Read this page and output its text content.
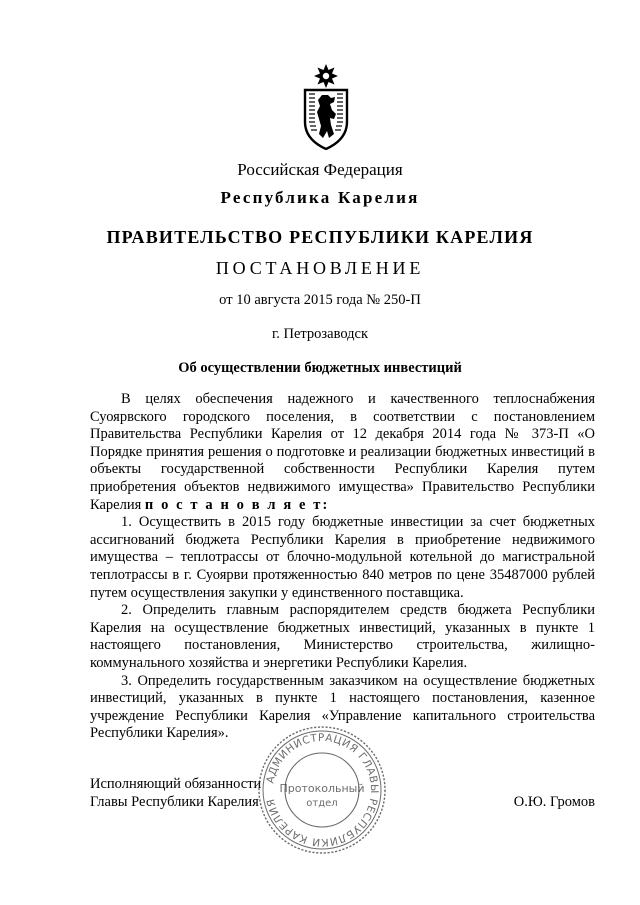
Российская Федерация
Республика Карелия
ПРАВИТЕЛЬСТВО РЕСПУБЛИКИ КАРЕЛИЯ
ПОСТАНОВЛЕНИЕ
от 10 августа 2015 года № 250-П
г. Петрозаводск
Об осуществлении бюджетных инвестиций

В целях обеспечения надежного и качественного теплоснабжения Суоярвского городского поселения, в соответствии с постановлением Правительства Республики Карелия от 12 декабря 2014 года № 373-П «О Порядке принятия решения о подготовке и реализации бюджетных инвестиций в объекты государственной собственности Республики Карелия путем приобретения объектов недвижимого имущества» Правительство Республики Карелия п о с т а н о в л я е т:

1. Осуществить в 2015 году бюджетные инвестиции за счет бюджетных ассигнований бюджета Республики Карелия в приобретение недвижимого имущества – теплотрассы от блочно-модульной котельной до магистральной теплотрассы в г. Суоярви протяженностью 840 метров по цене 35487000 рублей путем осуществления закупки у единственного поставщика.

2. Определить главным распорядителем средств бюджета Республики Карелия на осуществление бюджетных инвестиций, указанных в пункте 1 настоящего постановления, Министерство строительства, жилищно-коммунального хозяйства и энергетики Республики Карелия.

3. Определить государственным заказчиком на осуществление бюджетных инвестиций, указанных в пункте 1 настоящего постановления, казенное учреждение Республики Карелия «Управление капитального строительства Республики Карелия».

Исполняющий обязанности
Главы Республики Карелия	О.Ю. Громов
АДМИНИСТРАЦИЯ ГЛАВЫ РЕСПУБЛИКИ КАРЕЛИЯ
Протокольный
отдел
